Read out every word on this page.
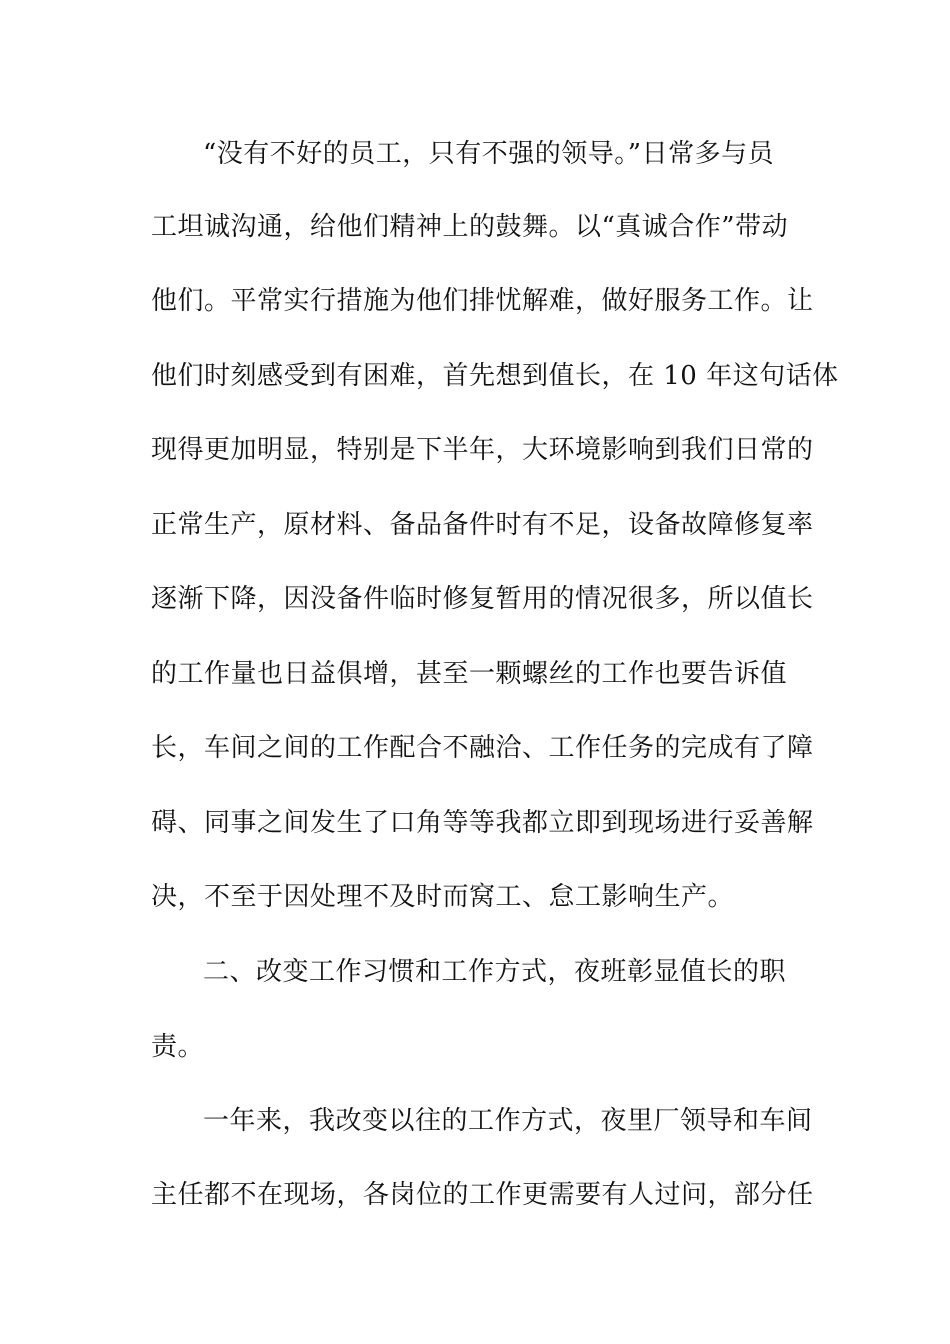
“没有不好的员工，只有不强的领导。”日常多与员
工坦诚沟通，给他们精神上的鼓舞。以“真诚合作”带动
他们。平常实行措施为他们排忧解难，做好服务工作。让
他们时刻感受到有困难，首先想到值长，在 10 年这句话体
现得更加明显，特别是下半年，大环境影响到我们日常的
正常生产，原材料、备品备件时有不足，设备故障修复率
逐渐下降，因没备件临时修复暂用的情况很多，所以值长
的工作量也日益俱增，甚至一颗螺丝的工作也要告诉值
长，车间之间的工作配合不融洽、工作任务的完成有了障
碍、同事之间发生了口角等等我都立即到现场进行妥善解
决，不至于因处理不及时而窝工、怠工影响生产。
二、改变工作习惯和工作方式，夜班彰显值长的职
责。
一年来，我改变以往的工作方式，夜里厂领导和车间
主任都不在现场，各岗位的工作更需要有人过问，部分任
